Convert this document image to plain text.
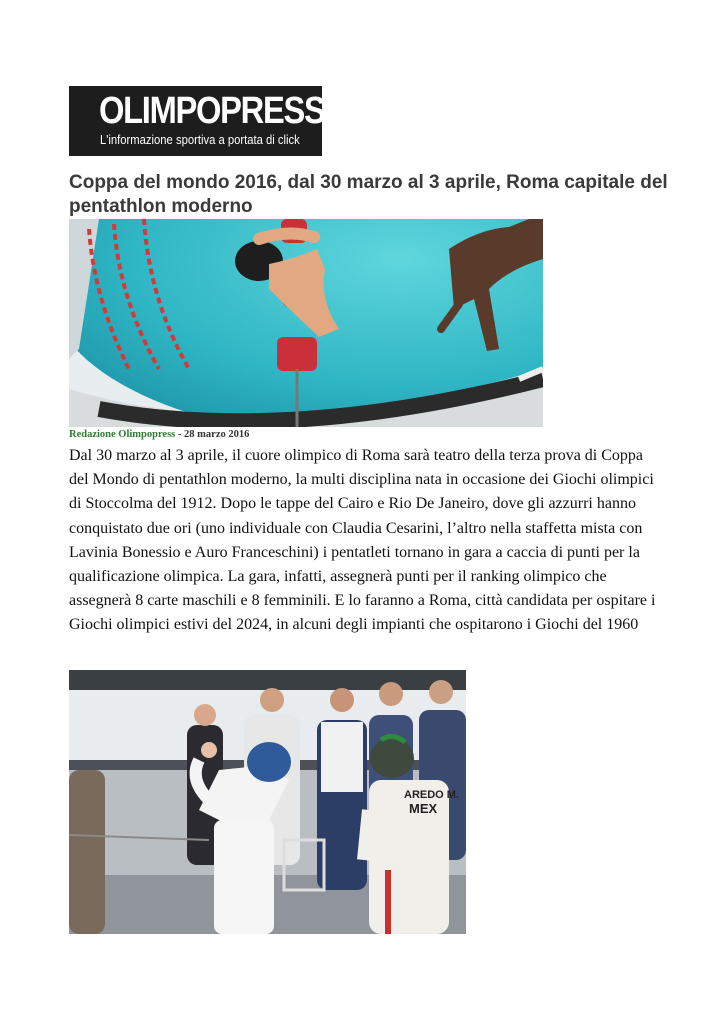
OLIMPOPRESS
L'informazione sportiva a portata di click
Coppa del mondo 2016, dal 30 marzo al 3 aprile, Roma capitale del pentathlon moderno
Redazione Olimpopress - 28 marzo 2016

Dal 30 marzo al 3 aprile, il cuore olimpico di Roma sarà teatro della terza prova di Coppa del Mondo di pentathlon moderno, la multi disciplina nata in occasione dei Giochi olimpici di Stoccolma del 1912. Dopo le tappe del Cairo e Rio De Janeiro, dove gli azzurri hanno conquistato due ori (uno individuale con Claudia Cesarini, l’altro nella staffetta mista con Lavinia Bonessio e Auro Franceschini) i pentatleti tornano in gara a caccia di punti per la qualificazione olimpica. La gara, infatti, assegnerà punti per il ranking olimpico che assegnerà 8 carte maschili e 8 femminili. E lo faranno a Roma, città candidata per ospitare i Giochi olimpici estivi del 2024, in alcuni degli impianti che ospitarono i Giochi del 1960

AREDO M.
MEX
